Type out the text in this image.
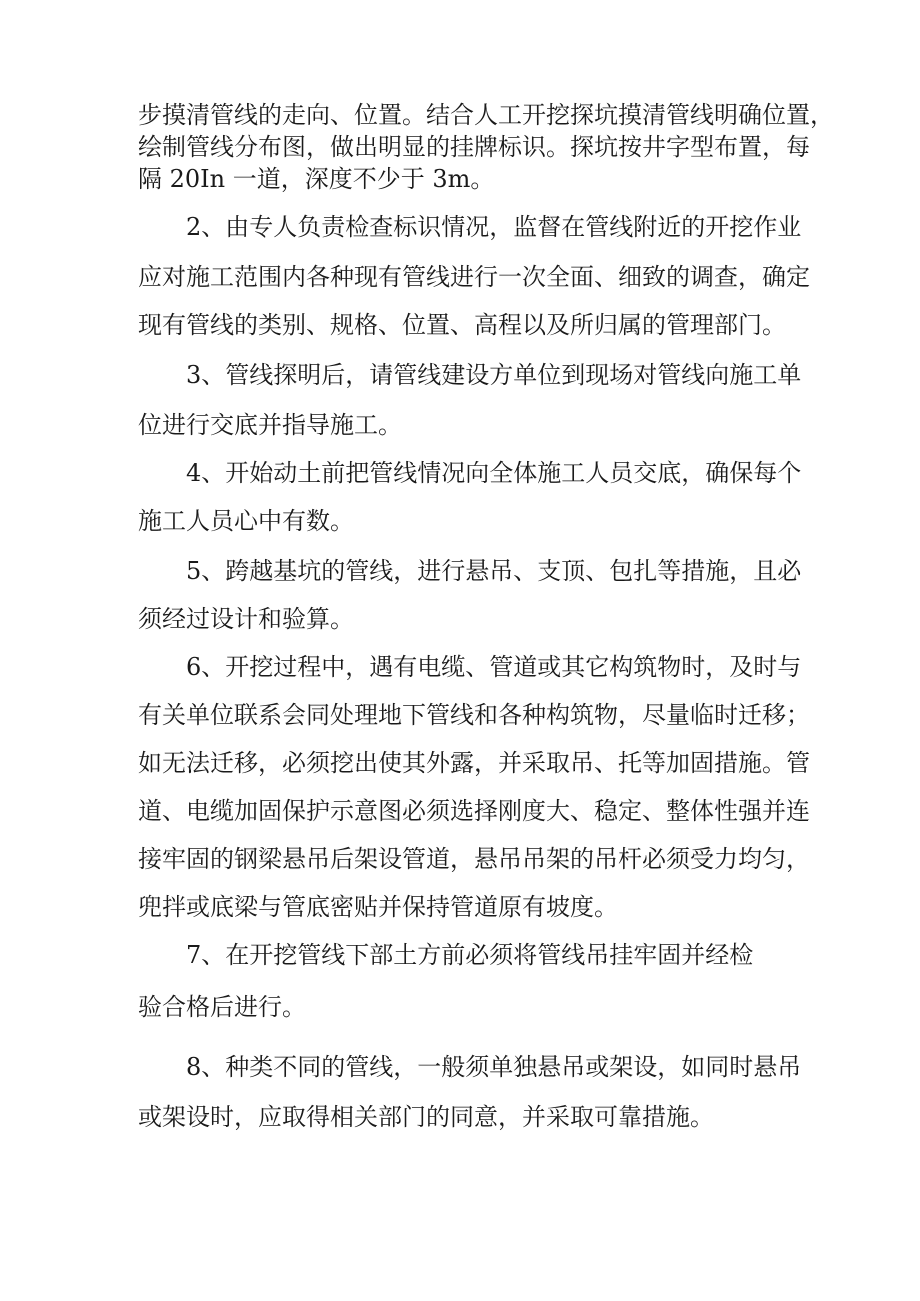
步摸清管线的走向、位置。结合人工开挖探坑摸清管线明确位置，
绘制管线分布图，做出明显的挂牌标识。探坑按井字型布置，每
隔 20In 一道，深度不少于 3m。
2、由专人负责检查标识情况，监督在管线附近的开挖作业
应对施工范围内各种现有管线进行一次全面、细致的调查，确定
现有管线的类别、规格、位置、高程以及所归属的管理部门。
3、管线探明后，请管线建设方单位到现场对管线向施工单
位进行交底并指导施工。
4、开始动土前把管线情况向全体施工人员交底，确保每个
施工人员心中有数。
5、跨越基坑的管线，进行悬吊、支顶、包扎等措施，且必
须经过设计和验算。
6、开挖过程中，遇有电缆、管道或其它构筑物时，及时与
有关单位联系会同处理地下管线和各种构筑物，尽量临时迁移；
如无法迁移，必须挖出使其外露，并采取吊、托等加固措施。管
道、电缆加固保护示意图必须选择刚度大、稳定、整体性强并连
接牢固的钢梁悬吊后架设管道，悬吊吊架的吊杆必须受力均匀，
兜拌或底梁与管底密贴并保持管道原有坡度。
7、在开挖管线下部土方前必须将管线吊挂牢固并经检
验合格后进行。
8、种类不同的管线，一般须单独悬吊或架设，如同时悬吊
或架设时，应取得相关部门的同意，并采取可靠措施。
